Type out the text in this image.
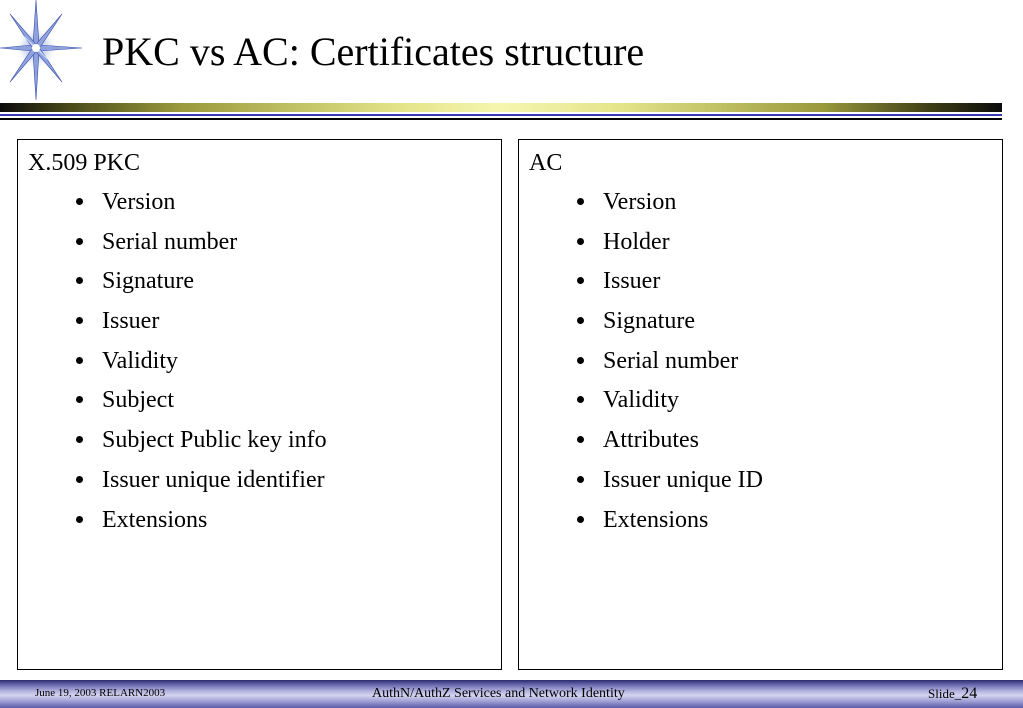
PKC vs AC: Certificates structure
X.509 PKC
Version
Serial number
Signature
Issuer
Validity
Subject
Subject Public key info
Issuer unique identifier
Extensions
AC
Version
Holder
Issuer
Signature
Serial number
Validity
Attributes
Issuer unique ID
Extensions
June 19, 2003 RELARN2003	AuthN/AuthZ Services and Network Identity	Slide_24
